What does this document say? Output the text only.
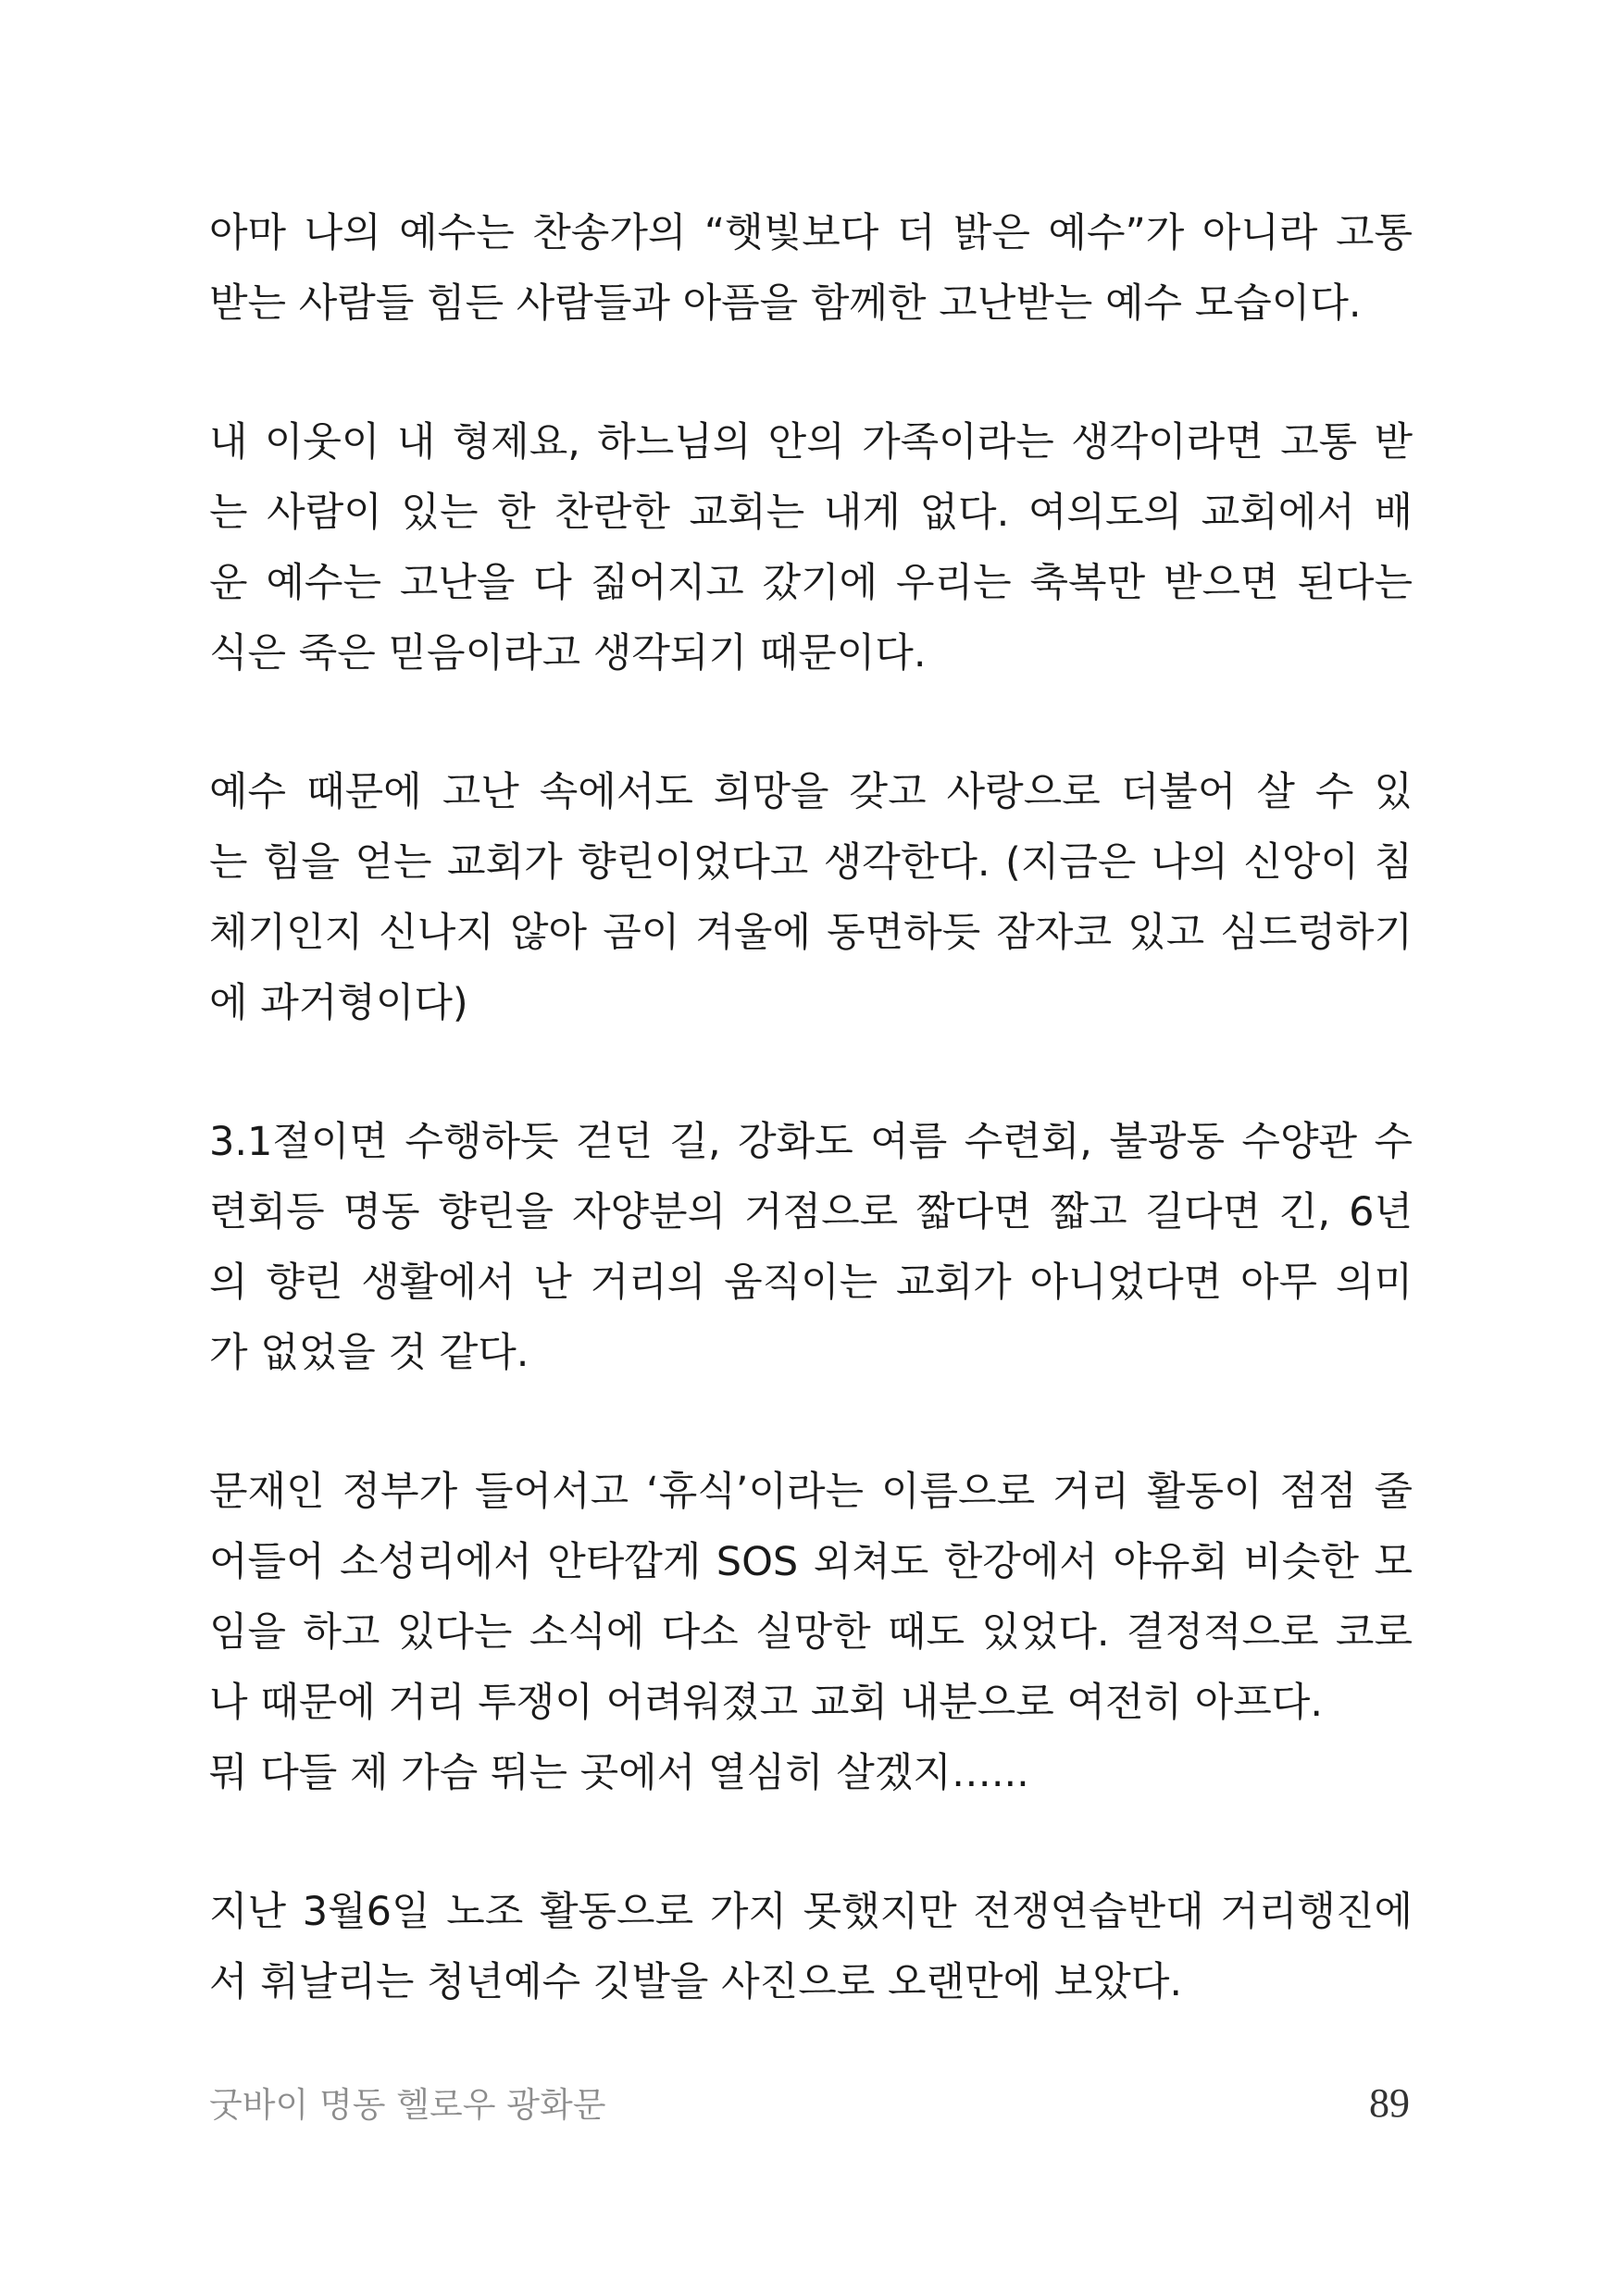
아마 나의 예수는 찬송가의 “햇빛보다 더 밝은 예수”가 아니라 고통
받는 사람들 힘든 사람들과 아픔을 함께한 고난받는 예수 모습이다.
내 이웃이 내 형제요, 하느님의 안의 가족이라는 생각이라면 고통 받
는 사람이 있는 한 찬란한 교회는 내게 없다. 여의도의 교회에서 배
운 예수는 고난을 다 짊어지고 갔기에 우리는 축복만 받으면 된다는
식은 죽은 믿음이라고 생각되기 때문이다.
예수 때문에 고난 속에서도 희망을 갖고 사랑으로 더불어 살 수 있
는 힘을 얻는 교회가 향린이었다고 생각한다. (지금은 나의 신앙이 침
체기인지 신나지 않아 곰이 겨울에 동면하듯 잠자코 있고 심드렁하기
에 과거형이다)
3.1절이면 수행하듯 걷던 길, 강화도 여름 수련회, 불광동 수양관 수
련회등 명동 향린을 자양분의 거점으로 짧다면 짧고 길다면 긴, 6년
의 향린 생활에서 난 거리의 움직이는 교회가 아니었다면 아무 의미
가 없었을 것 같다.
문재인 정부가 들어서고 ‘휴식’이라는 이름으로 거리 활동이 점점 줄
어들어 소성리에서 안타깝게 SOS 외쳐도 한강에서 야유회 비슷한 모
임을 하고 있다는 소식에 다소 실망한 때도 있었다. 결정적으로 코로
나 때문에 거리 투쟁이 어려워졌고 교회 내분으로 여전히 아프다.
뭐 다들 제 가슴 뛰는 곳에서 열심히 살겠지…...
지난 3월6일 노조 활동으로 가지 못했지만 전쟁연습반대 거리행진에
서 휘날리는 청년예수 깃발을 사진으로 오랜만에 보았다.
굿바이 명동 헬로우 광화문	89
